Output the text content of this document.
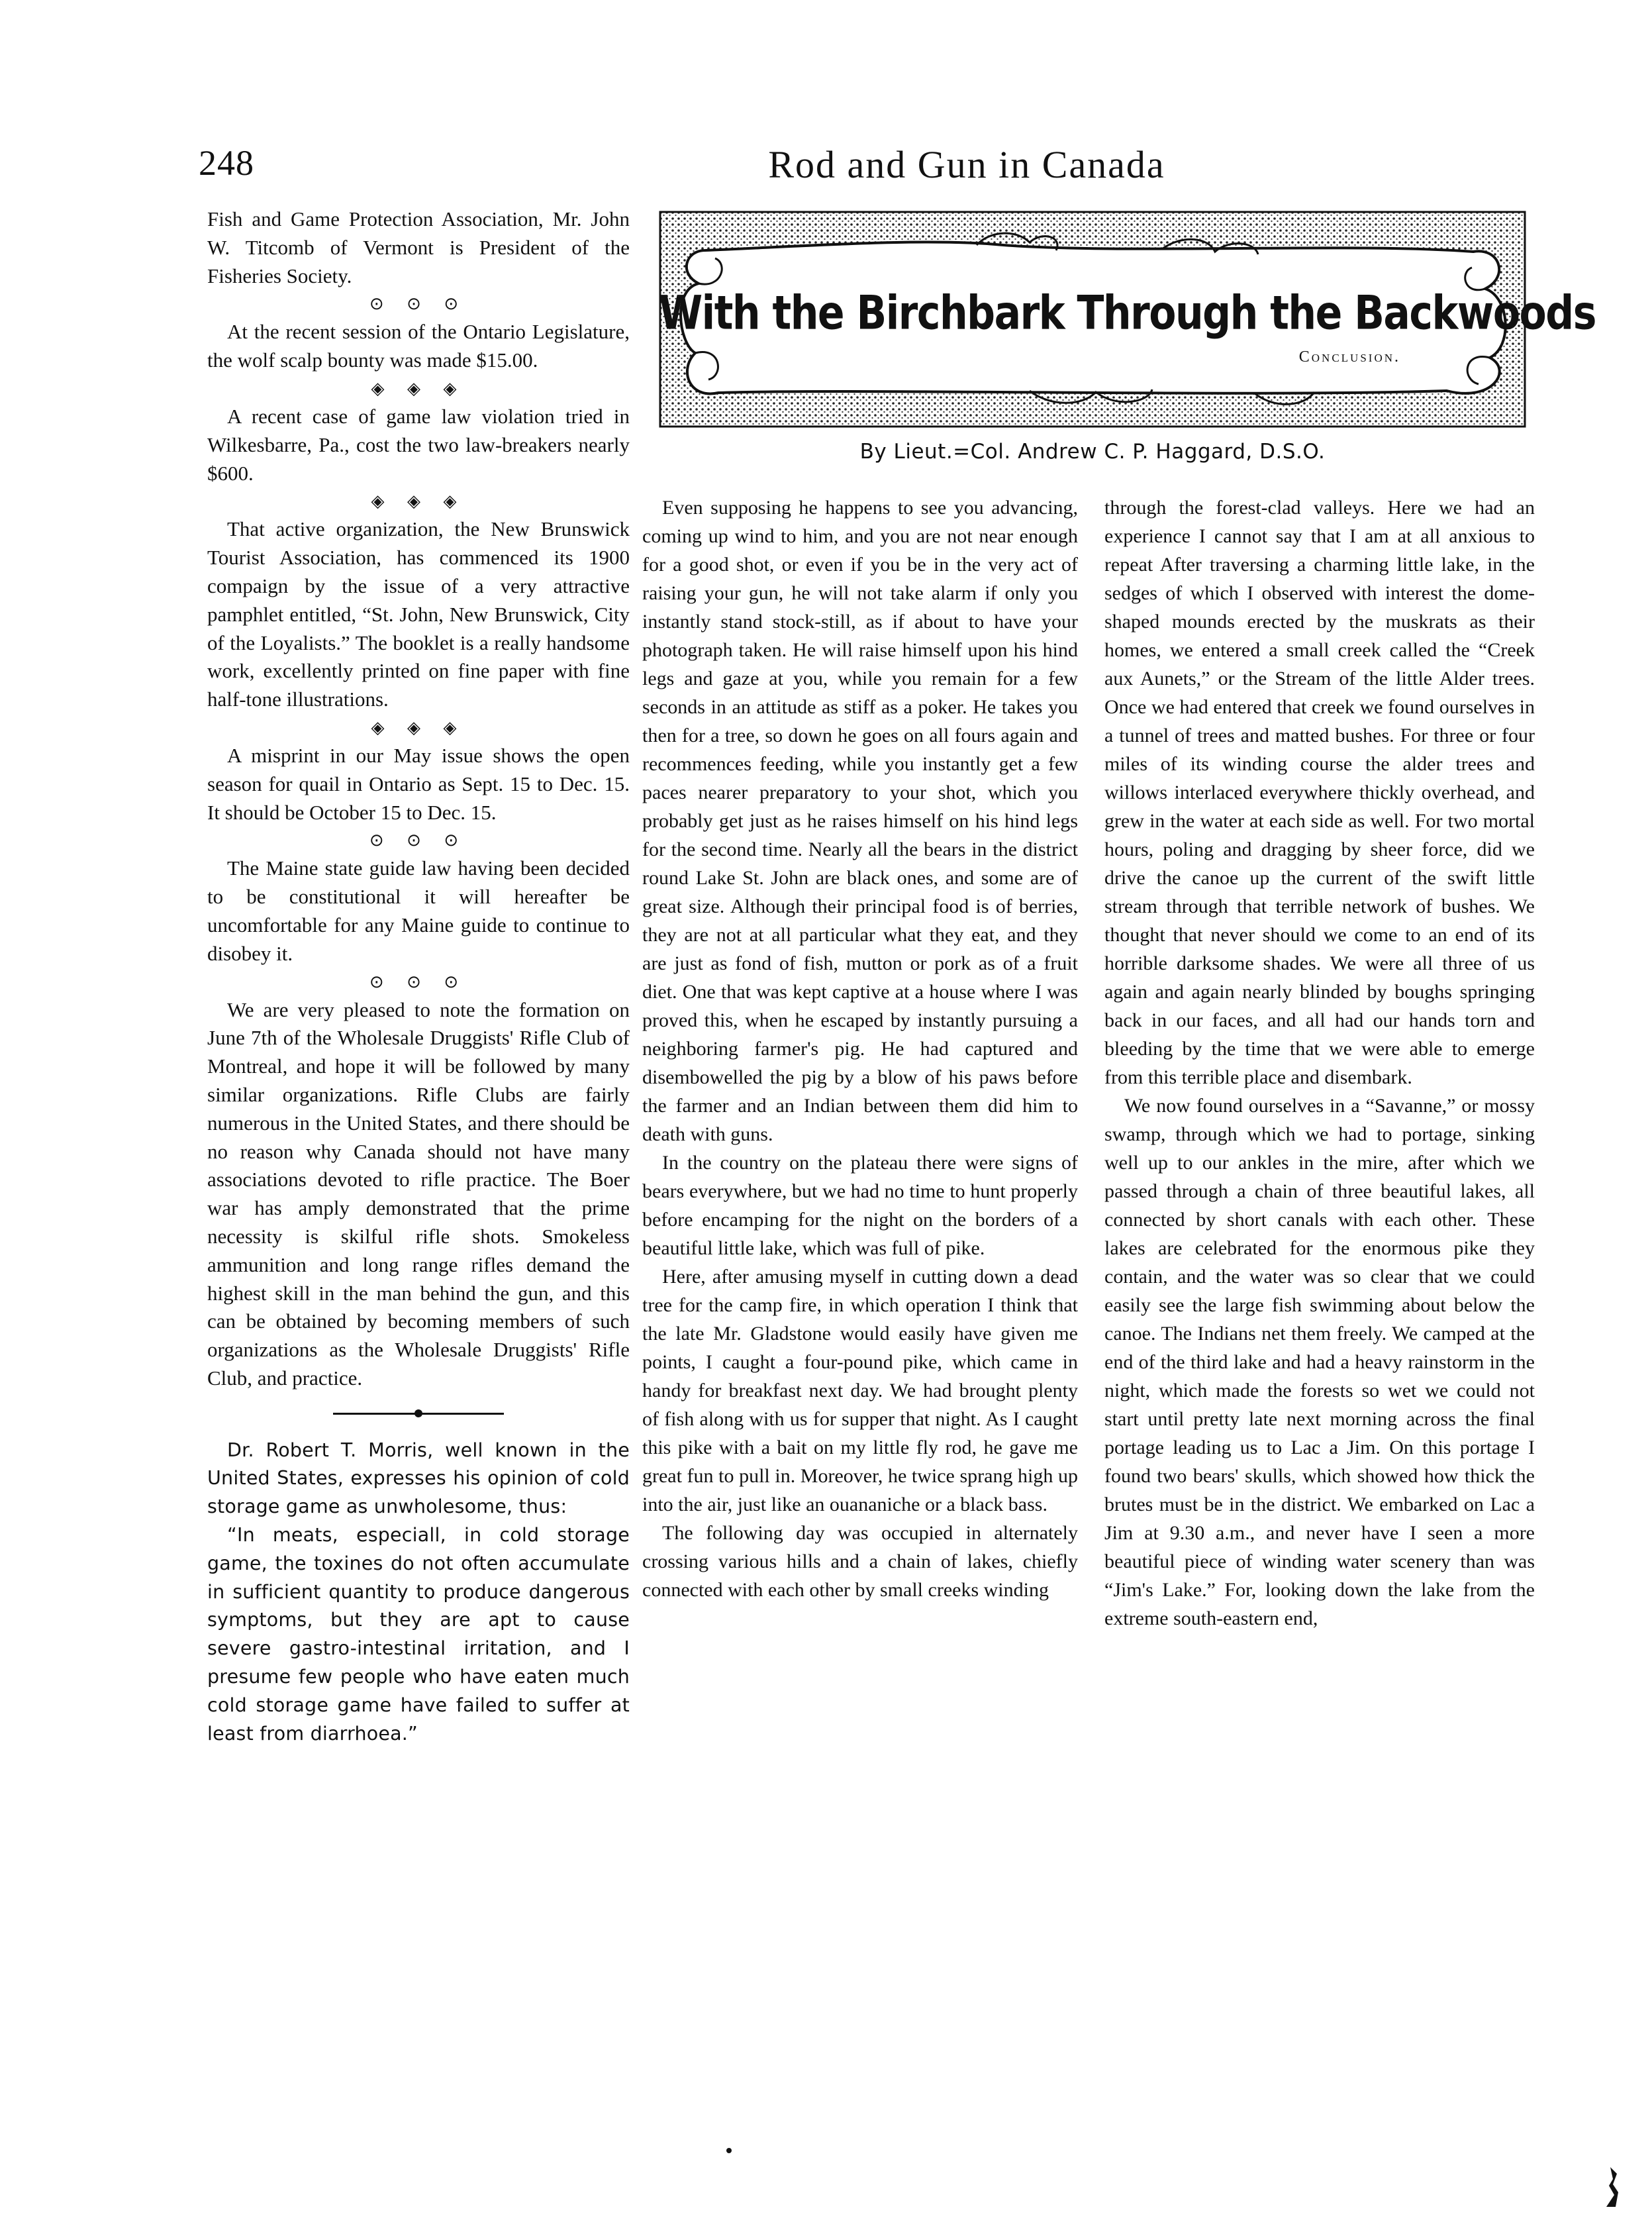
248	Rod and Gun in Canada

Fish and Game Protection Association, Mr. John W. Titcomb of Vermont is President of the Fisheries Society.

⊙ ⊙ ⊙

At the recent session of the Ontario Legislature, the wolf scalp bounty was made $15.00.

◈ ◈ ◈

A recent case of game law violation tried in Wilkesbarre, Pa., cost the two law-breakers nearly $600.

◈ ◈ ◈

That active organization, the New Brunswick Tourist Association, has commenced its 1900 compaign by the issue of a very attractive pamphlet entitled, “St. John, New Brunswick, City of the Loyalists.” The booklet is a really handsome work, excellently printed on fine paper with fine half-tone illustrations.

◈ ◈ ◈

A misprint in our May issue shows the open season for quail in Ontario as Sept. 15 to Dec. 15. It should be October 15 to Dec. 15.

⊙ ⊙ ⊙

The Maine state guide law having been decided to be constitutional it will hereafter be uncomfortable for any Maine guide to continue to disobey it.

⊙ ⊙ ⊙

We are very pleased to note the formation on June 7th of the Wholesale Druggists' Rifle Club of Montreal, and hope it will be followed by many similar organizations. Rifle Clubs are fairly numerous in the United States, and there should be no reason why Canada should not have many associations devoted to rifle practice. The Boer war has amply demonstrated that the prime necessity is skilful rifle shots. Smokeless ammunition and long range rifles demand the highest skill in the man behind the gun, and this can be obtained by becoming members of such organizations as the Wholesale Druggists' Rifle Club, and practice.

Dr. Robert T. Morris, well known in the United States, expresses his opinion of cold storage game as unwholesome, thus:

“In meats, especiall, in cold storage game, the toxines do not often accumulate in sufficient quantity to produce dangerous symptoms, but they are apt to cause severe gastro-intestinal irritation, and I presume few people who have eaten much cold storage game have failed to suffer at least from diarrhoea.”

With the Birchbark Through the Backwoods
Conclusion.
By Lieut.=Col. Andrew C. P. Haggard, D.S.O.

Even supposing he happens to see you advancing, coming up wind to him, and you are not near enough for a good shot, or even if you be in the very act of raising your gun, he will not take alarm if only you instantly stand stock-still, as if about to have your photograph taken. He will raise himself upon his hind legs and gaze at you, while you remain for a few seconds in an attitude as stiff as a poker. He takes you then for a tree, so down he goes on all fours again and recommences feeding, while you instantly get a few paces nearer preparatory to your shot, which you probably get just as he raises himself on his hind legs for the second time. Nearly all the bears in the district round Lake St. John are black ones, and some are of great size. Although their principal food is of berries, they are not at all particular what they eat, and they are just as fond of fish, mutton or pork as of a fruit diet. One that was kept captive at a house where I was proved this, when he escaped by instantly pursuing a neighboring farmer's pig. He had captured and disembowelled the pig by a blow of his paws before the farmer and an Indian between them did him to death with guns.

In the country on the plateau there were signs of bears everywhere, but we had no time to hunt properly before encamping for the night on the borders of a beautiful little lake, which was full of pike.

Here, after amusing myself in cutting down a dead tree for the camp fire, in which operation I think that the late Mr. Gladstone would easily have given me points, I caught a four-pound pike, which came in handy for breakfast next day. We had brought plenty of fish along with us for supper that night. As I caught this pike with a bait on my little fly rod, he gave me great fun to pull in. Moreover, he twice sprang high up into the air, just like an ouananiche or a black bass.

The following day was occupied in alternately crossing various hills and a chain of lakes, chiefly connected with each other by small creeks winding

through the forest-clad valleys. Here we had an experience I cannot say that I am at all anxious to repeat After traversing a charming little lake, in the sedges of which I observed with interest the dome-shaped mounds erected by the muskrats as their homes, we entered a small creek called the “Creek aux Aunets,” or the Stream of the little Alder trees. Once we had entered that creek we found ourselves in a tunnel of trees and matted bushes. For three or four miles of its winding course the alder trees and willows interlaced everywhere thickly overhead, and grew in the water at each side as well. For two mortal hours, poling and dragging by sheer force, did we drive the canoe up the current of the swift little stream through that terrible network of bushes. We thought that never should we come to an end of its horrible darksome shades. We were all three of us again and again nearly blinded by boughs springing back in our faces, and all had our hands torn and bleeding by the time that we were able to emerge from this terrible place and disembark.

We now found ourselves in a “Savanne,” or mossy swamp, through which we had to portage, sinking well up to our ankles in the mire, after which we passed through a chain of three beautiful lakes, all connected by short canals with each other. These lakes are celebrated for the enormous pike they contain, and the water was so clear that we could easily see the large fish swimming about below the canoe. The Indians net them freely. We camped at the end of the third lake and had a heavy rainstorm in the night, which made the forests so wet we could not start until pretty late next morning across the final portage leading us to Lac a Jim. On this portage I found two bears' skulls, which showed how thick the brutes must be in the district. We embarked on Lac a Jim at 9.30 a.m., and never have I seen a more beautiful piece of winding water scenery than was “Jim's Lake.” For, looking down the lake from the extreme south-eastern end,
